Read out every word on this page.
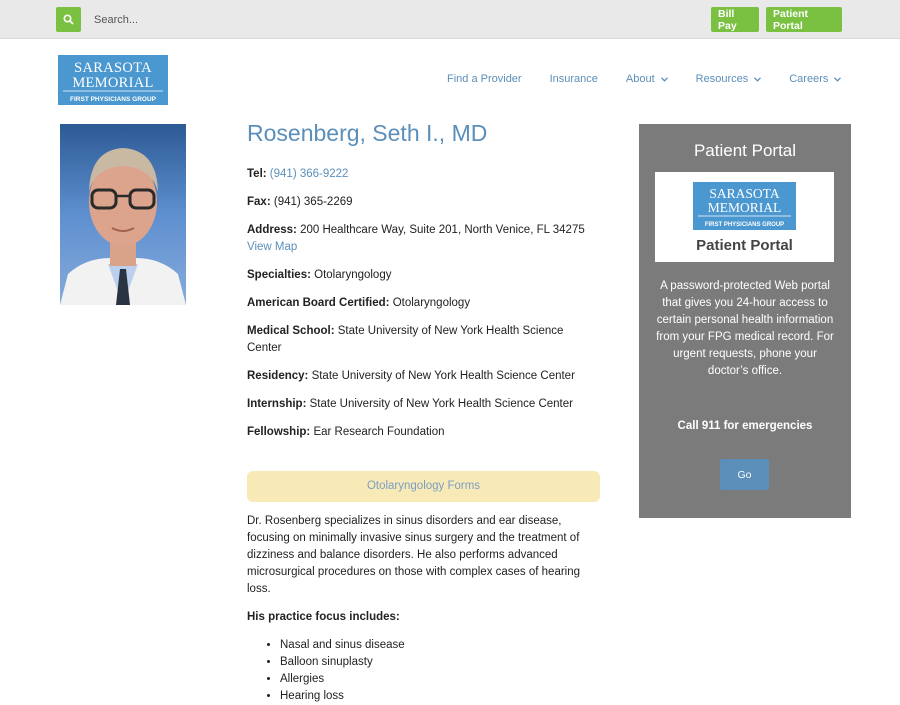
Search...
Bill Pay
Patient Portal
SARASOTA
MEMORIAL
FIRST PHYSICIANS GROUP
Find a Provider	Insurance	About	Resources	Careers
Rosenberg, Seth I., MD
Tel: (941) 366-9222
Fax: (941) 365-2269
Address: 200 Healthcare Way, Suite 201, North Venice, FL 34275
View Map
Specialties: Otolaryngology
American Board Certified: Otolaryngology
Medical School: State University of New York Health Science Center
Residency: State University of New York Health Science Center
Internship: State University of New York Health Science Center
Fellowship: Ear Research Foundation
Otolaryngology Forms

Dr. Rosenberg specializes in sinus disorders and ear disease, focusing on minimally invasive sinus surgery and the treatment of dizziness and balance disorders. He also performs advanced microsurgical procedures on those with complex cases of hearing loss.

His practice focus includes:

• Nasal and sinus disease
• Balloon sinuplasty
• Allergies
• Hearing loss
Patient Portal
SARASOTA
MEMORIAL
FIRST PHYSICIANS GROUP
Patient Portal

A password-protected Web portal that gives you 24-hour access to certain personal health information from your FPG medical record. For urgent requests, phone your doctor’s office.

Call 911 for emergencies

Go
